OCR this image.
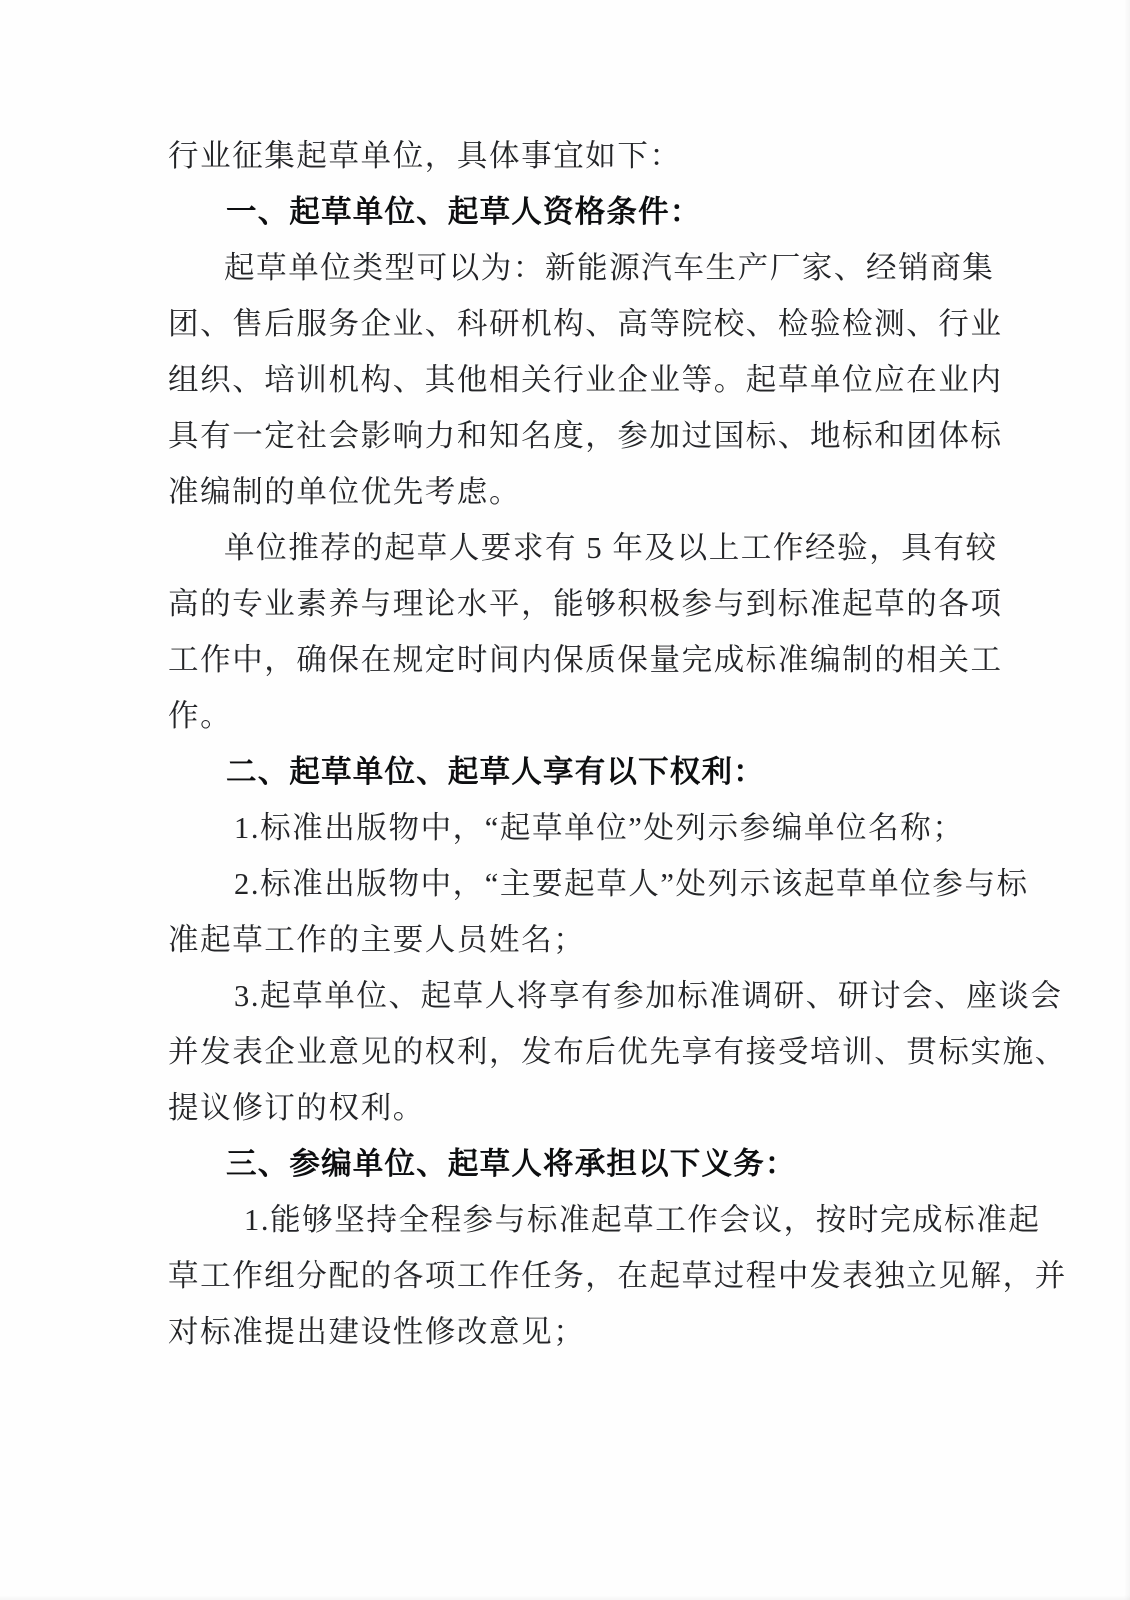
行业征集起草单位，具体事宜如下：
一、起草单位、起草人资格条件：
起草单位类型可以为：新能源汽车生产厂家、经销商集
团、售后服务企业、科研机构、高等院校、检验检测、行业
组织、培训机构、其他相关行业企业等。起草单位应在业内
具有一定社会影响力和知名度，参加过国标、地标和团体标
准编制的单位优先考虑。
单位推荐的起草人要求有 5 年及以上工作经验，具有较
高的专业素养与理论水平，能够积极参与到标准起草的各项
工作中，确保在规定时间内保质保量完成标准编制的相关工
作。
二、起草单位、起草人享有以下权利：
1.标准出版物中，“起草单位”处列示参编单位名称；
2.标准出版物中，“主要起草人”处列示该起草单位参与标
准起草工作的主要人员姓名；
3.起草单位、起草人将享有参加标准调研、研讨会、座谈会
并发表企业意见的权利，发布后优先享有接受培训、贯标实施、
提议修订的权利。
三、参编单位、起草人将承担以下义务：
1.能够坚持全程参与标准起草工作会议，按时完成标准起
草工作组分配的各项工作任务，在起草过程中发表独立见解，并
对标准提出建设性修改意见；
